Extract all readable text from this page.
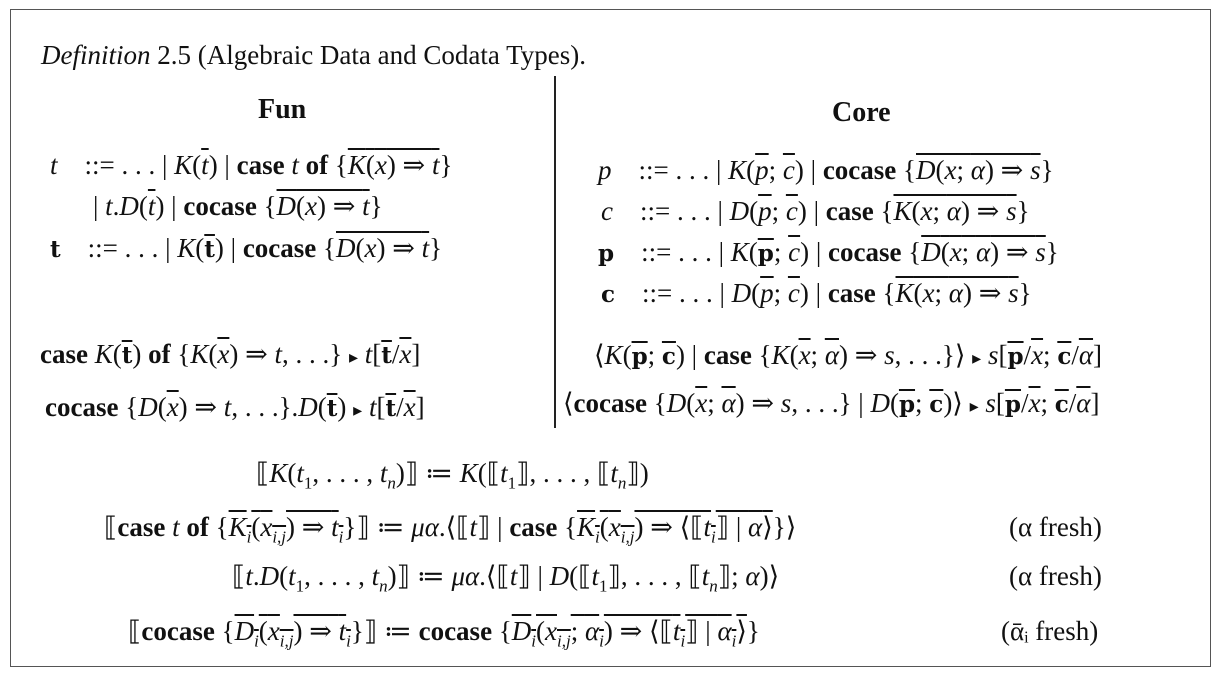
Definition 2.5 (Algebraic Data and Codata Types).
Fun	Core
t    ::= . . . | $K(\overline{t})$ | case t of {K(x) ⇒ t}
| $t.D(\overline{t})$ | cocase {D(x) ⇒ t}
t    ::= . . . | $K(\overline{t})$ | cocase {D(x) ⇒ t}
p    ::= . . . | $K(\overline{p}$; $\overline{c}$) | cocase {D(x; α) ⇒ s}
c    ::= . . . | $D(\overline{p}$; $\overline{c}$) | case {K(x; α) ⇒ s}
p    ::= . . . | $K(\overline{p}$; $\overline{c}$) | cocase {D(x; α) ⇒ s}
c    ::= . . . | $D(\overline{p}$; $\overline{c}$) | case {K(x; α) ⇒ s}
case $K(\overline{t})$ of {$K(\overline{x})$ ⇒ t, . . .} ▸ $t[\overline{t}/\overline{x}]$
cocase {$D(\overline{x})$ ⇒ t, . . $.\}.D(\overline{t})$ ▸ $t[\overline{t}/\overline{x}]$
$⟨K(\overline{p}$; $\overline{c}$) | case {$K(\overline{x}$; $\overline{\alpha}$) ⇒ s, . . .}⟩ ▸ $s[\overline{p}/\overline{x}$; $\overline{c}/\overline{\alpha}$]
⟨cocase {$D(\overline{x}$; $\overline{\alpha}$) ⇒ s, . . .} | $D(\overline{p}$; $\overline{c})⟩$ ▸ $s[\overline{p}/\overline{x}$; $\overline{c}/\overline{\alpha}$]
$⟦K(t_1$, . . . , $t_n)⟧$ ≔ $K(⟦t_1⟧$, . . . , $⟦t_n⟧$)
⟦case t of {$K_i(x_{i,j})$ ⇒ $t_i\}⟧$ ≔ μα.⟨⟦t⟧ | case {$K_i(x_{i,j})$ ⇒ $⟨⟦t_i⟧$ | α⟩}⟩
$⟦t.D(t_1$, . . . , $t_n)⟧$ ≔ μα.⟨⟦t⟧ | $D(⟦t_1⟧$, . . . , $⟦t_n⟧$; α)⟩
⟦cocase {$D_i(x_{i,j})$ ⇒ $t_i\}⟧$ ≔ cocase {$D_i(x_{i,j}$; $\alpha_i$) ⇒ $⟨⟦t_i⟧$ | $\alpha_i⟩$}
(α fresh)
(α fresh)
(ᾱᵢ fresh)
